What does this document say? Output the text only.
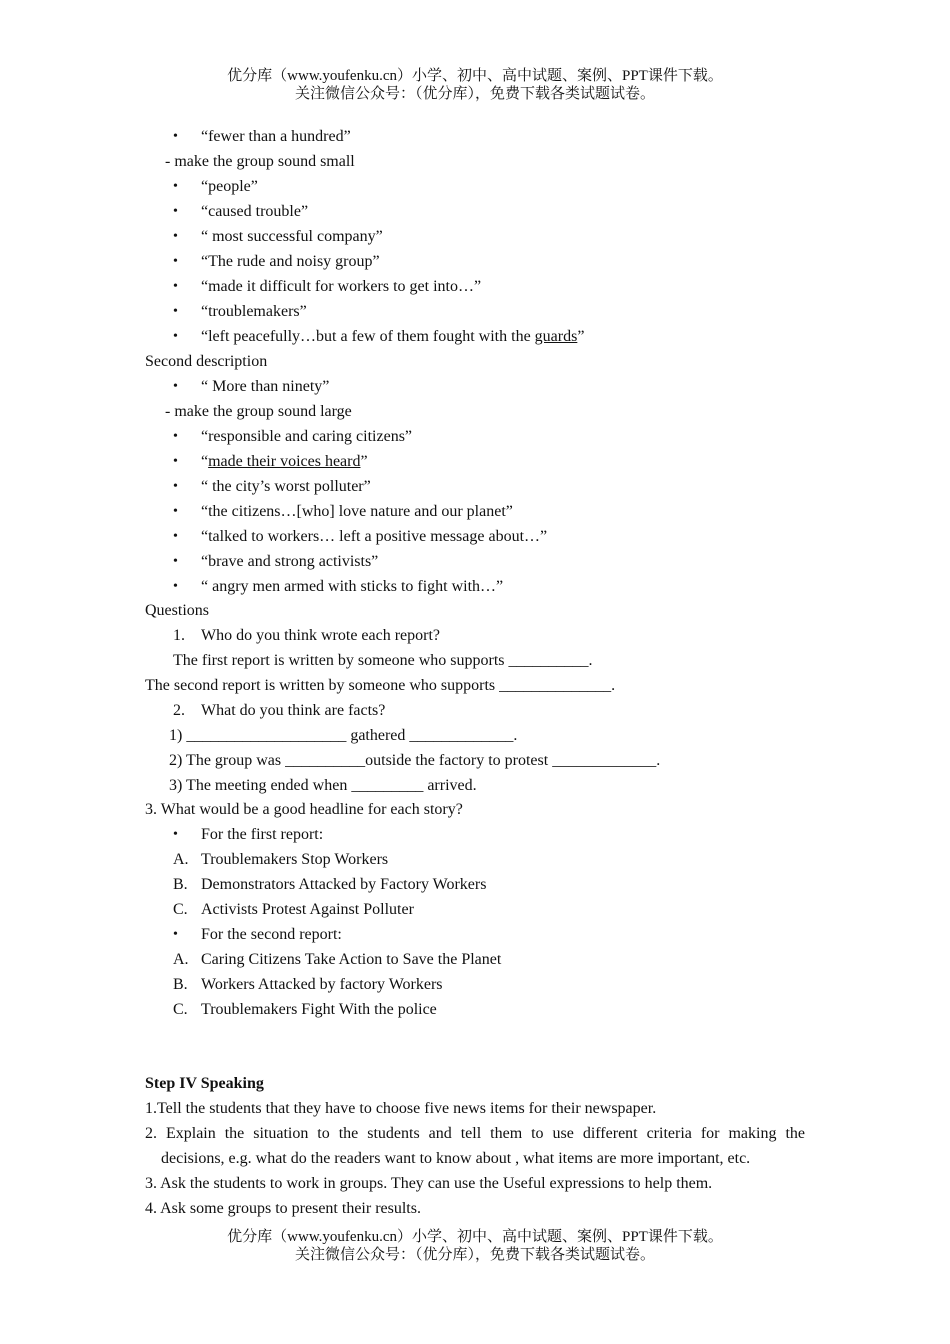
优分库（www.youfenku.cn）小学、初中、高中试题、案例、PPT课件下载。
关注微信公众号：（优分库），免费下载各类试题试卷。
• “fewer than a hundred”
- make the group sound small
• “people”
• “caused trouble”
• “ most successful company”
• “The rude and noisy group”
• “made it difficult for workers to get into…”
• “troublemakers”
• “left peacefully…but a few of them fought with the guards”
Second description
• “ More than ninety”
- make the group sound large
• “responsible and caring citizens”
• “made their voices heard”
• “ the city’s worst polluter”
• “the citizens…[who] love nature and our planet”
• “talked to workers… left a positive message about…”
• “brave and strong activists”
• “ angry men armed with sticks to fight with…”
Questions
1. Who do you think wrote each report?
The first report is written by someone who supports __________.
The second report is written by someone who supports ______________.
2. What do you think are facts?
1) ____________________ gathered _____________.
2) The group was __________outside the factory to protest _____________.
3) The meeting ended when _________ arrived.
3. What would be a good headline for each story?
• For the first report:
A. Troublemakers Stop Workers
B. Demonstrators Attacked by Factory Workers
C. Activists Protest Against Polluter
• For the second report:
A. Caring Citizens Take Action to Save the Planet
B. Workers Attacked by factory Workers
C. Troublemakers Fight With the police
Step IV Speaking
1.Tell the students that they have to choose five news items for their newspaper.
2. Explain the situation to the students and tell them to use different criteria for making the
decisions, e.g. what do the readers want to know about , what items are more important, etc.
3. Ask the students to work in groups. They can use the Useful expressions to help them.
4. Ask some groups to present their results.
优分库（www.youfenku.cn）小学、初中、高中试题、案例、PPT课件下载。
关注微信公众号：（优分库），免费下载各类试题试卷。
